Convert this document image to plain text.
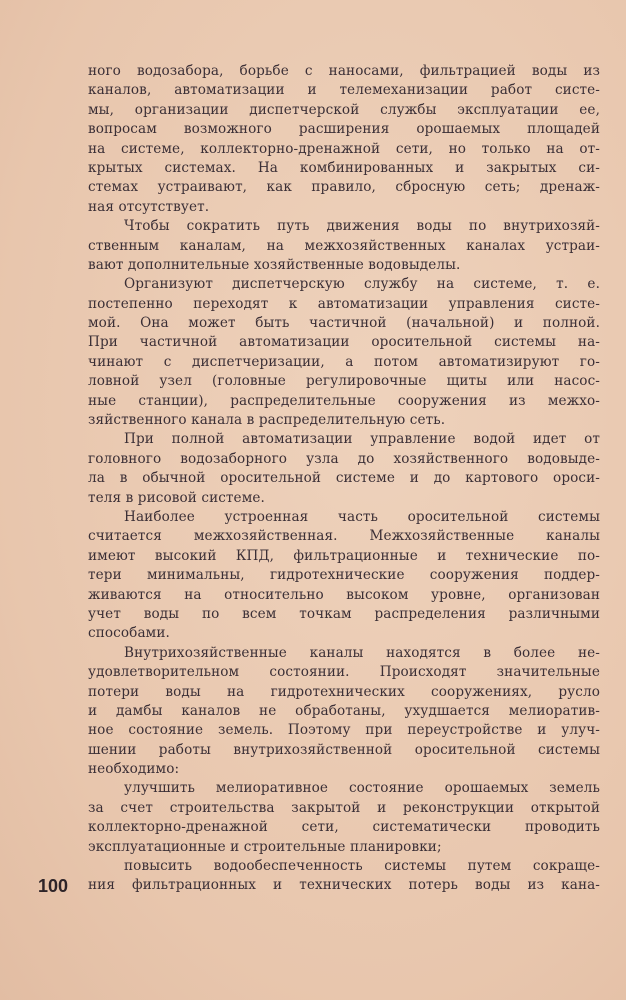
ного водозабора, борьбе с наносами, фильтрацией воды из
каналов, автоматизации и телемеханизации работ систе-
мы, организации диспетчерской службы эксплуатации ее,
вопросам возможного расширения орошаемых площадей
на системе, коллекторно-дренажной сети, но только на от-
крытых системах. На комбинированных и закрытых си-
стемах устраивают, как правило, сбросную сеть; дренаж-
ная отсутствует.
Чтобы сократить путь движения воды по внутрихозяй-
ственным каналам, на межхозяйственных каналах устраи-
вают дополнительные хозяйственные водовыделы.
Организуют диспетчерскую службу на системе, т. е.
постепенно переходят к автоматизации управления систе-
мой. Она может быть частичной (начальной) и полной.
При частичной автоматизации оросительной системы на-
чинают с диспетчеризации, а потом автоматизируют го-
ловной узел (головные регулировочные щиты или насос-
ные станции), распределительные сооружения из межхо-
зяйственного канала в распределительную сеть.
При полной автоматизации управление водой идет от
головного водозаборного узла до хозяйственного водовыде-
ла в обычной оросительной системе и до картового ороси-
теля в рисовой системе.
Наиболее устроенная часть оросительной системы
считается межхозяйственная. Межхозяйственные каналы
имеют высокий КПД, фильтрационные и технические по-
тери минимальны, гидротехнические сооружения поддер-
живаются на относительно высоком уровне, организован
учет воды по всем точкам распределения различными
способами.
Внутрихозяйственные каналы находятся в более не-
удовлетворительном состоянии. Происходят значительные
потери воды на гидротехнических сооружениях, русло
и дамбы каналов не обработаны, ухудшается мелиоратив-
ное состояние земель. Поэтому при переустройстве и улуч-
шении работы внутрихозяйственной оросительной системы
необходимо:
улучшить мелиоративное состояние орошаемых земель
за счет строительства закрытой и реконструкции открытой
коллекторно-дренажной сети, систематически проводить
эксплуатационные и строительные планировки;
повысить водообеспеченность системы путем сокраще-
ния фильтрационных и технических потерь воды из кана-
100
